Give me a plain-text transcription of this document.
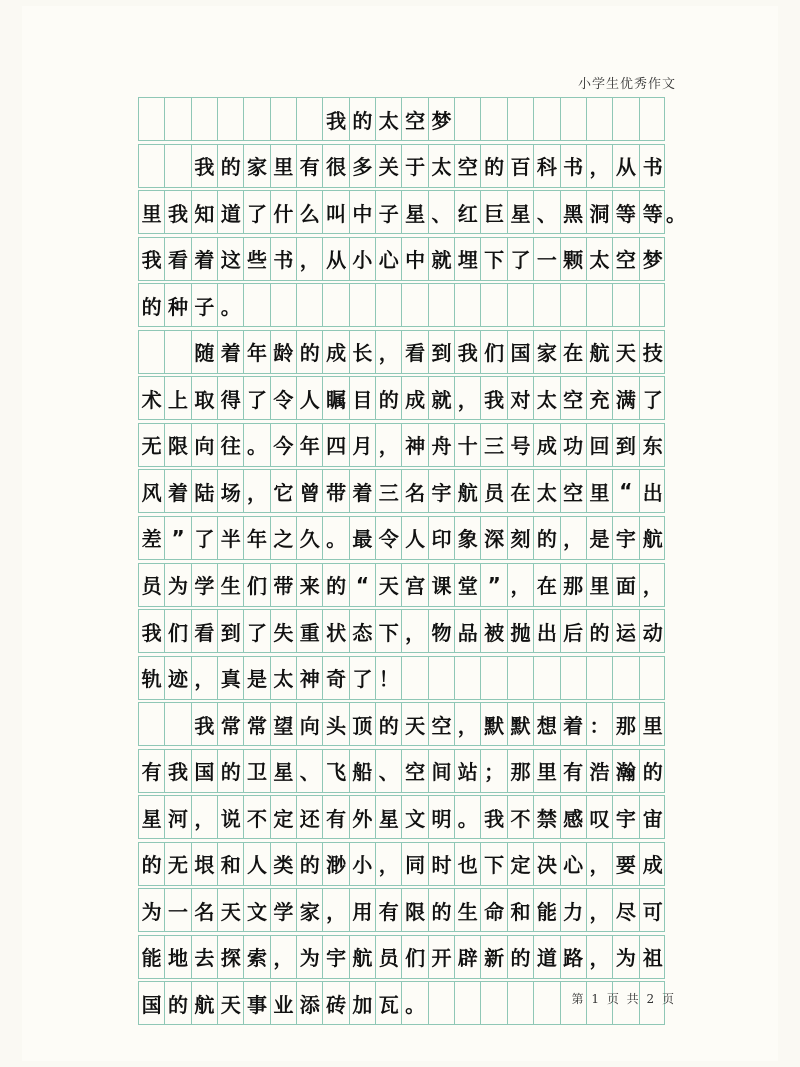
小学生优秀作文
我 的 太 空 梦
我 的 家 里 有 很 多 关 于 太 空 的 百 科 书 ， 从 书
里 我 知 道 了 什 么 叫 中 子 星 、 红 巨 星 、 黑 洞 等 等
我 看 着 这 些 书 ， 从 小 心 中 就 埋 下 了 一 颗 太 空 梦
的 种 子 。
随 着 年 龄 的 成 长 ， 看 到 我 们 国 家 在 航 天 技
术 上 取 得 了 令 人 瞩 目 的 成 就 ， 我 对 太 空 充 满 了
无 限 向 往 。 今 年 四 月 ， 神 舟 十 三 号 成 功 回 到 东
风 着 陆 场 ， 它 曾 带 着 三 名 宇 航 员 在 太 空 里 “ 出
差 ” 了 半 年 之 久 。 最 令 人 印 象 深 刻 的 ， 是 宇 航
员 为 学 生 们 带 来 的 “ 天 宫 课 堂 ” ， 在 那 里 面 ，
我 们 看 到 了 失 重 状 态 下 ， 物 品 被 抛 出 后 的 运 动
轨 迹 ， 真 是 太 神 奇 了 ！
我 常 常 望 向 头 顶 的 天 空 ， 默 默 想 着 ： 那 里
有 我 国 的 卫 星 、 飞 船 、 空 间 站 ； 那 里 有 浩 瀚 的
星 河 ， 说 不 定 还 有 外 星 文 明 。 我 不 禁 感 叹 宇 宙
的 无 垠 和 人 类 的 渺 小 ， 同 时 也 下 定 决 心 ， 要 成
为 一 名 天 文 学 家 ， 用 有 限 的 生 命 和 能 力 ， 尽 可
能 地 去 探 索 ， 为 宇 航 员 们 开 辟 新 的 道 路 ， 为 祖
国 的 航 天 事 业 添 砖 加 瓦 。
。
第 1 页 共 2 页
